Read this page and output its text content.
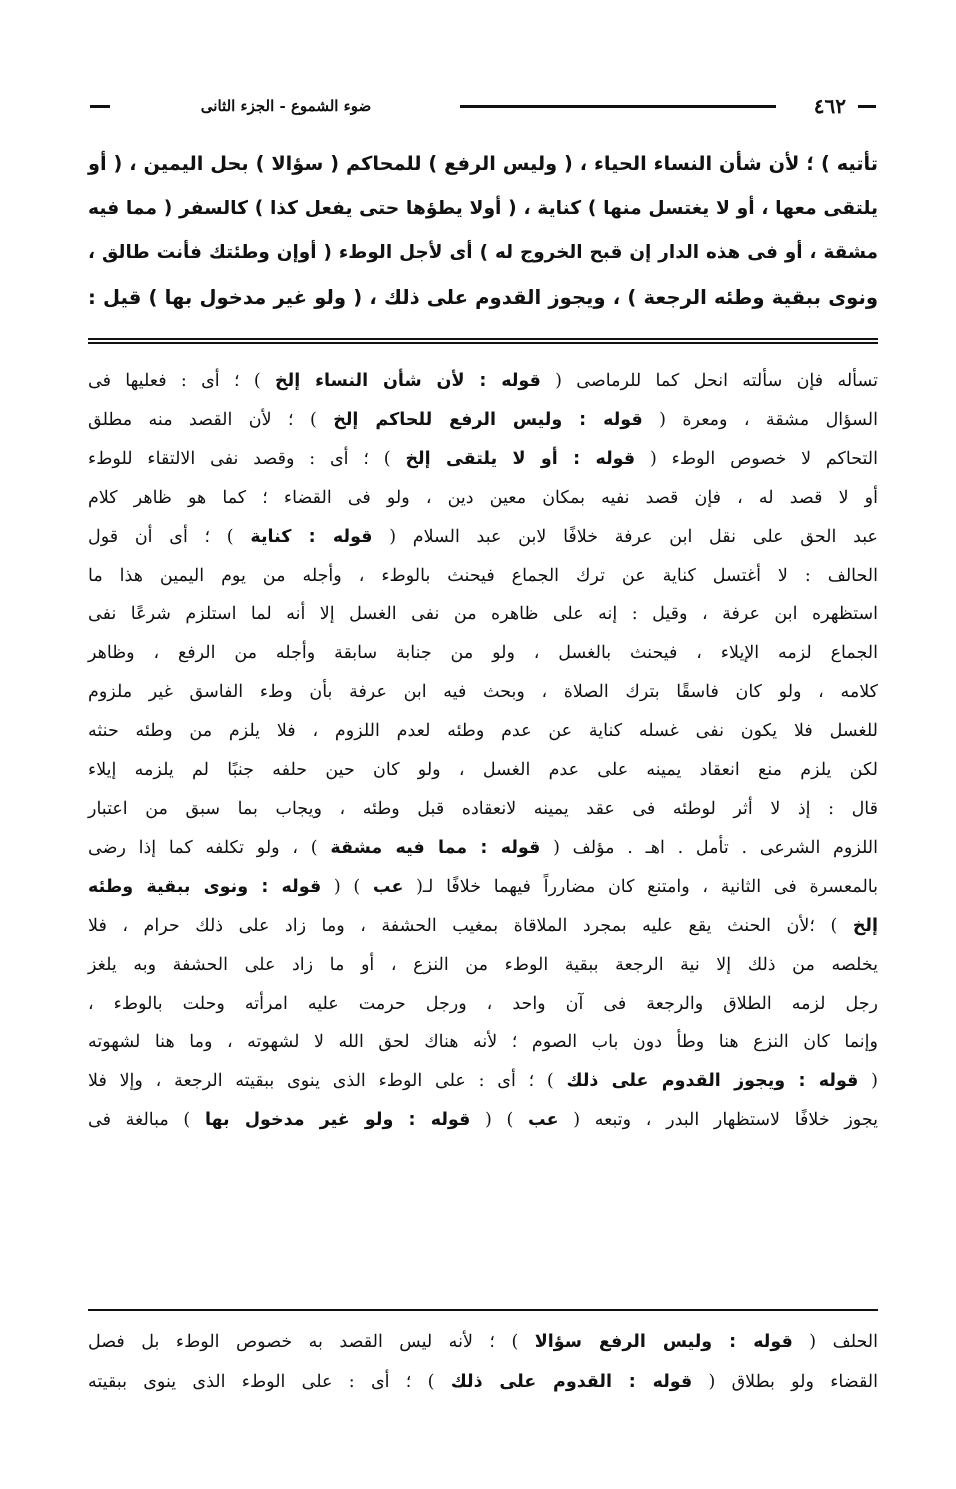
٤٦٢
ضوء الشموع - الجزء الثانى
تأتيه ) ؛ لأن شأن النساء الحياء ، ( وليس الرفع ) للمحاكم ( سؤالا ) بحل اليمين ، ( أو
يلتقى معها ، أو لا يغتسل منها ) كناية ، ( أولا يطؤها حتى يفعل كذا ) كالسفر ( مما فيه
مشقة ، أو فى هذه الدار إن قبح الخروج له ) أى لأجل الوطء ( أوإن وطئتك فأنت طالق ،
ونوى ببقية وطئه الرجعة ) ، ويجوز القدوم على ذلك ، ( ولو غير مدخول بها ) قيل :
تسأله فإن سألته انحل كما للرماصى ( قوله : لأن شأن النساء إلخ ) ؛ أى : فعليها فى
السؤال مشقة ، ومعرة ( قوله : وليس الرفع للحاكم إلخ ) ؛ لأن القصد منه مطلق
التحاكم لا خصوص الوطء ( قوله : أو لا يلتقى إلخ ) ؛ أى : وقصد نفى الالتقاء للوطء
أو لا قصد له ، فإن قصد نفيه بمكان معين دين ، ولو فى القضاء ؛ كما هو ظاهر كلام
عبد الحق على نقل ابن عرفة خلافًا لابن عبد السلام ( قوله : كناية ) ؛ أى أن قول
الحالف : لا أغتسل كناية عن ترك الجماع فيحنث بالوطء ، وأجله من يوم اليمين هذا ما
استظهره ابن عرفة ، وقيل : إنه على ظاهره من نفى الغسل إلا أنه لما استلزم شرعًا نفى
الجماع لزمه الإيلاء ، فيحنث بالغسل ، ولو من جنابة سابقة وأجله من الرفع ، وظاهر
كلامه ، ولو كان فاسقًا بترك الصلاة ، وبحث فيه ابن عرفة بأن وطء الفاسق غير ملزوم
للغسل فلا يكون نفى غسله كناية عن عدم وطئه لعدم اللزوم ، فلا يلزم من وطئه حنثه
لكن يلزم منع انعقاد يمينه على عدم الغسل ، ولو كان حين حلفه جنبًا لم يلزمه إيلاء
قال : إذ لا أثر لوطئه فى عقد يمينه لانعقاده قبل وطئه ، ويجاب بما سبق من اعتبار
اللزوم الشرعى . تأمل . اهـ . مؤلف ( قوله : مما فيه مشقة ) ، ولو تكلفه كما إذا رضى
بالمعسرة فى الثانية ، وامتنع كان مضارراً فيهما خلافًا لـ( عب ) ( قوله : ونوى ببقية وطئه
إلخ ) ؛لأن الحنث يقع عليه بمجرد الملاقاة بمغيب الحشفة ، وما زاد على ذلك حرام ، فلا
يخلصه من ذلك إلا نية الرجعة ببقية الوطء من النزع ، أو ما زاد على الحشفة وبه يلغز
رجل لزمه الطلاق والرجعة فى آن واحد ، ورجل حرمت عليه امرأته وحلت بالوطء ،
وإنما كان النزع هنا وطأ دون باب الصوم ؛ لأنه هناك لحق الله لا لشهوته ، وما هنا لشهوته
( قوله : ويجوز القدوم على ذلك ) ؛ أى : على الوطء الذى ينوى ببقيته الرجعة ، وإلا فلا
يجوز خلافًا لاستظهار البدر ، وتبعه ( عب ) ( قوله : ولو غير مدخول بها ) مبالغة فى
الحلف ( قوله : وليس الرفع سؤالا ) ؛ لأنه ليس القصد به خصوص الوطء بل فصل
القضاء ولو بطلاق ( قوله : القدوم على ذلك ) ؛ أى : على الوطء الذى ينوى ببقيته
